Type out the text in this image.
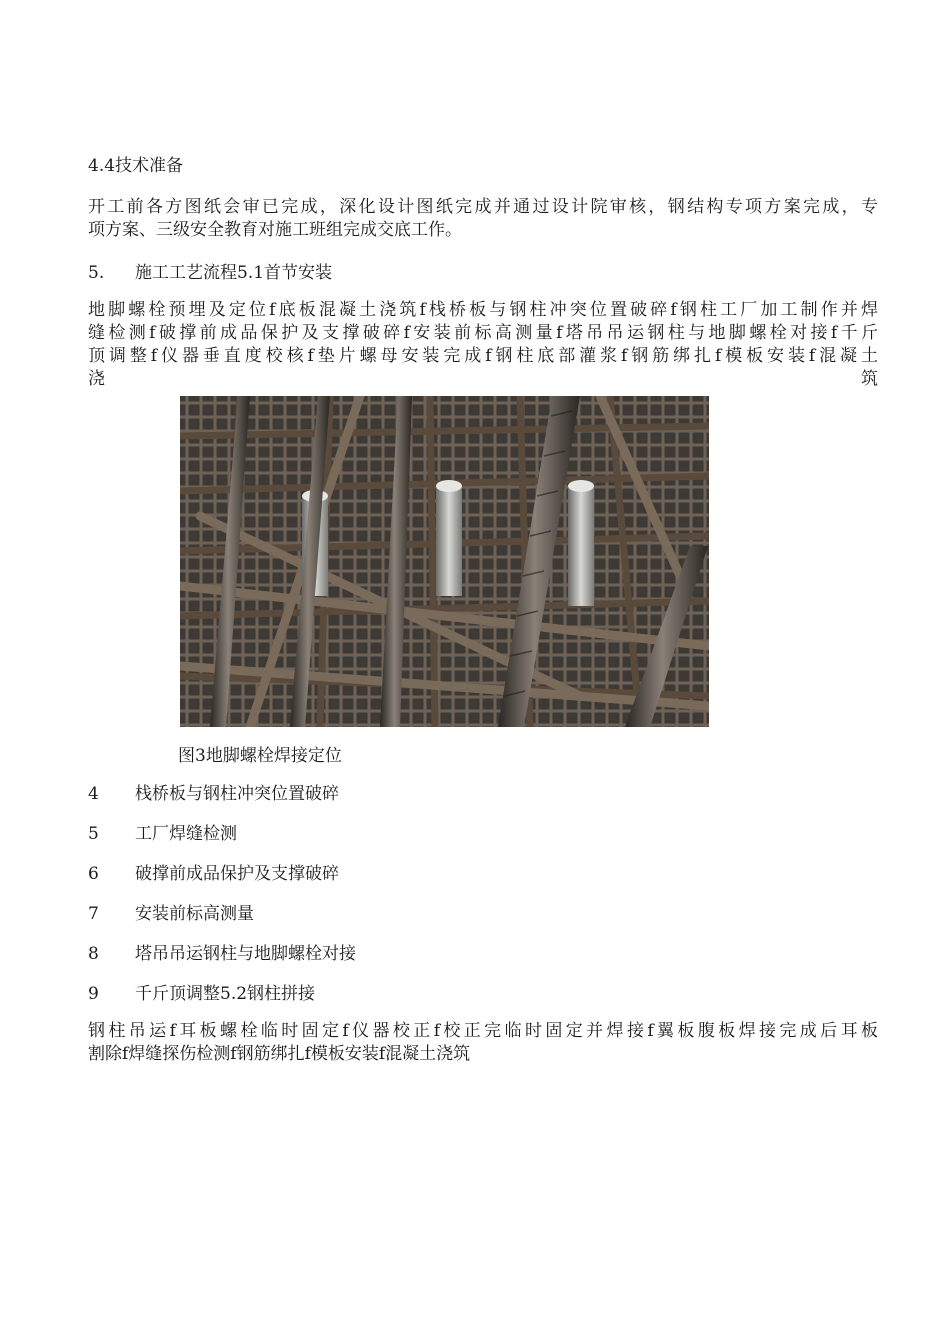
4.4技术准备
开工前各方图纸会审已完成，深化设计图纸完成并通过设计院审核，钢结构专项方案完成，专
项方案、三级安全教育对施工班组完成交底工作。
5. 施工工艺流程5.1首节安装
地脚螺栓预埋及定位f底板混凝土浇筑f栈桥板与钢柱冲突位置破碎f钢柱工厂加工制作并焊
缝检测f破撑前成品保护及支撑破碎f安装前标高测量f塔吊吊运钢柱与地脚螺栓对接f千斤
顶调整f仪器垂直度校核f垫片螺母安装完成f钢柱底部灌浆f钢筋绑扎f模板安装f混凝土
浇	筑
图3地脚螺栓焊接定位
4 栈桥板与钢柱冲突位置破碎
5 工厂焊缝检测
6 破撑前成品保护及支撑破碎
7 安装前标高测量
8 塔吊吊运钢柱与地脚螺栓对接
9 千斤顶调整5.2钢柱拼接
钢柱吊运f耳板螺栓临时固定f仪器校正f校正完临时固定并焊接f翼板腹板焊接完成后耳板
割除f焊缝探伤检测f钢筋绑扎f模板安装f混凝土浇筑
